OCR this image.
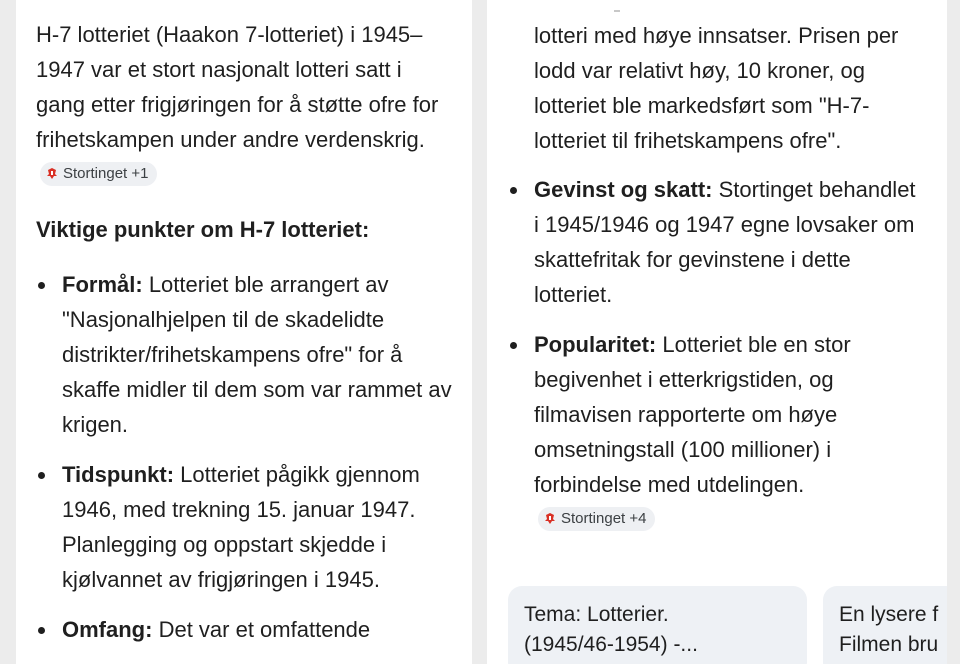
H-7 lotteriet (Haakon 7-lotteriet) i 1945–1947 var et stort nasjonalt lotteri satt i gang etter frigjøringen for å støtte ofre for frihetskampen under andre verdenskrig.
Stortinget +1
Viktige punkter om H-7 lotteriet:
Formål: Lotteriet ble arrangert av "Nasjonalhjelpen til de skadelidte distrikter/frihetskampens ofre" for å skaffe midler til dem som var rammet av krigen.
Tidspunkt: Lotteriet pågikk gjennom 1946, med trekning 15. januar 1947. Planlegging og oppstart skjedde i kjølvannet av frigjøringen i 1945.
Omfang: Det var et omfattende
lotteri med høye innsatser. Prisen per lodd var relativt høy, 10 kroner, og lotteriet ble markedsført som "H-7-lotteriet til frihetskampens ofre".
Gevinst og skatt: Stortinget behandlet i 1945/1946 og 1947 egne lovsaker om skattefritak for gevinstene i dette lotteriet.
Popularitet: Lotteriet ble en stor begivenhet i etterkrigstiden, og filmavisen rapporterte om høye omsetningstall (100 millioner) i forbindelse med utdelingen.
Stortinget +4
Tema: Lotterier.
(1945/46-1954) -...
En lysere f
Filmen bru
